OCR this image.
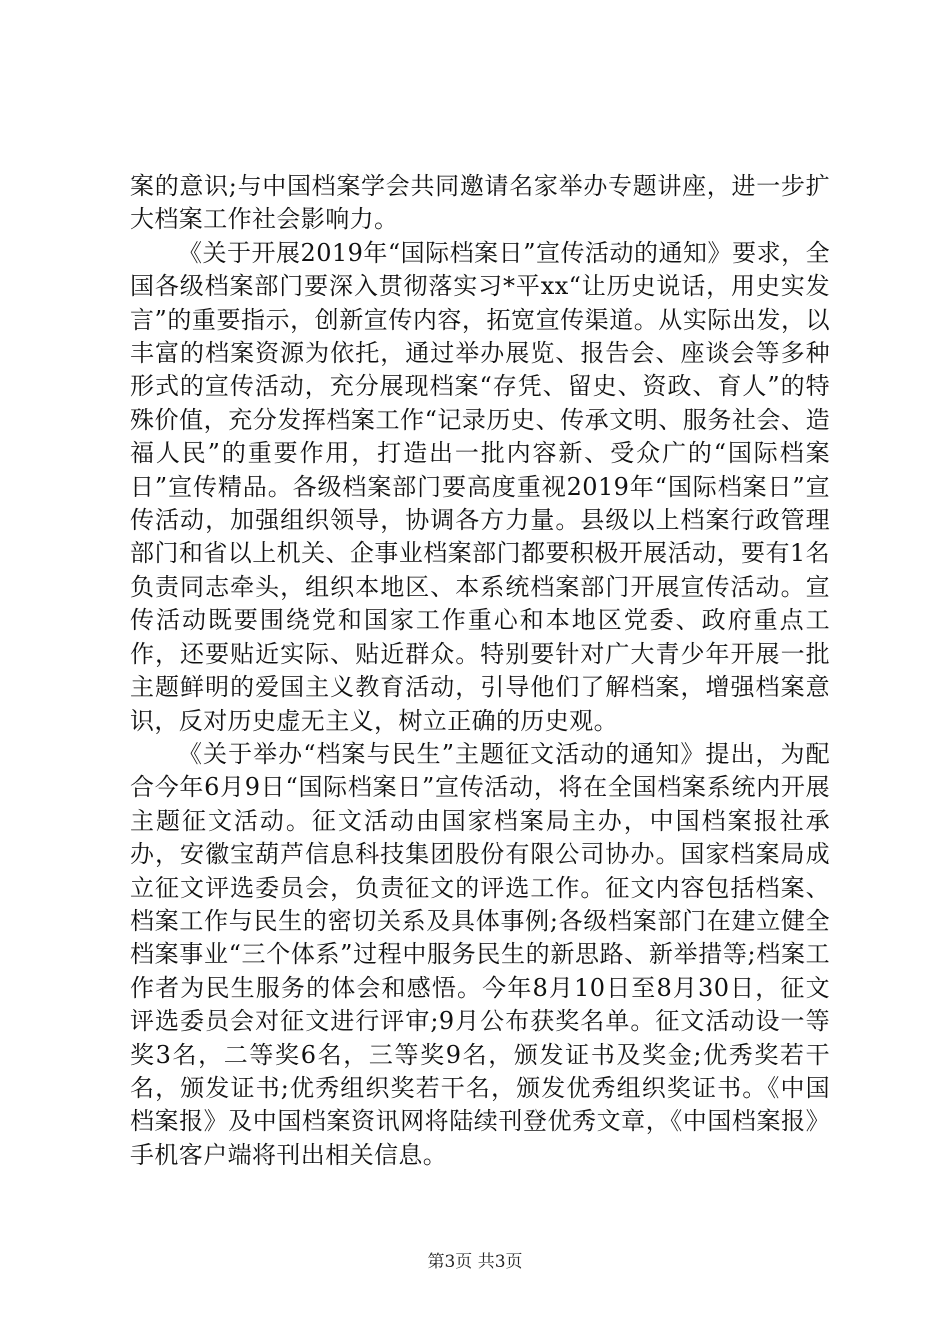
案的意识;与中国档案学会共同邀请名家举办专题讲座，进一步扩大档案工作社会影响力。

《关于开展2019年“国际档案日”宣传活动的通知》要求，全国各级档案部门要深入贯彻落实习*平xx“让历史说话，用史实发言”的重要指示，创新宣传内容，拓宽宣传渠道。从实际出发，以丰富的档案资源为依托，通过举办展览、报告会、座谈会等多种形式的宣传活动，充分展现档案“存凭、留史、资政、育人”的特殊价值，充分发挥档案工作“记录历史、传承文明、服务社会、造福人民”的重要作用，打造出一批内容新、受众广的“国际档案日”宣传精品。各级档案部门要高度重视2019年“国际档案日”宣传活动，加强组织领导，协调各方力量。县级以上档案行政管理部门和省以上机关、企事业档案部门都要积极开展活动，要有1名负责同志牵头，组织本地区、本系统档案部门开展宣传活动。宣传活动既要围绕党和国家工作重心和本地区党委、政府重点工作，还要贴近实际、贴近群众。特别要针对广大青少年开展一批主题鲜明的爱国主义教育活动，引导他们了解档案，增强档案意识，反对历史虚无主义，树立正确的历史观。

《关于举办“档案与民生”主题征文活动的通知》提出，为配合今年6月9日“国际档案日”宣传活动，将在全国档案系统内开展主题征文活动。征文活动由国家档案局主办，中国档案报社承办，安徽宝葫芦信息科技集团股份有限公司协办。国家档案局成立征文评选委员会，负责征文的评选工作。征文内容包括档案、档案工作与民生的密切关系及具体事例;各级档案部门在建立健全档案事业“三个体系”过程中服务民生的新思路、新举措等;档案工作者为民生服务的体会和感悟。今年8月10日至8月30日，征文评选委员会对征文进行评审;9月公布获奖名单。征文活动设一等奖3名，二等奖6名，三等奖9名，颁发证书及奖金;优秀奖若干名，颁发证书;优秀组织奖若干名，颁发优秀组织奖证书。《中国档案报》及中国档案资讯网将陆续刊登优秀文章，《中国档案报》手机客户端将刊出相关信息。

第3页 共3页
